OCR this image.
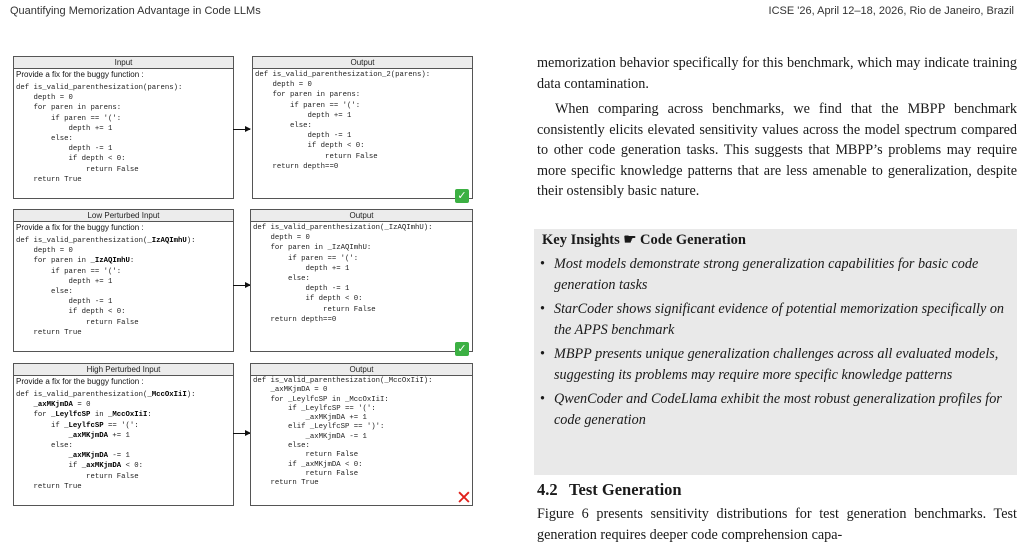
Quantifying Memorization Advantage in Code LLMs	ICSE '26, April 12–18, 2026, Rio de Janeiro, Brazil
Input
Provide a fix for the buggy function :
def is_valid_parenthesization(parens):
depth = 0
for paren in parens:
if paren == '(':
depth += 1
else:
depth -= 1
if depth < 0:
return False
return True
Output
def is_valid_parenthesization_2(parens):
depth = 0
for paren in parens:
if paren == '(':
depth += 1
else:
depth -= 1
if depth < 0:
return False
return depth==0
✓
Low Perturbed Input
Provide a fix for the buggy function :
def is_valid_parenthesization(_IzAQImhU):
depth = 0
for paren in _IzAQImhU:
if paren == '(':
depth += 1
else:
depth -= 1
if depth < 0:
return False
return True
Output
def is_valid_parenthesization(_IzAQImhU):
depth = 0
for paren in _IzAQImhU:
if paren == '(':
depth += 1
else:
depth -= 1
if depth < 0:
return False
return depth==0
✓
High Perturbed Input
Provide a fix for the buggy function :
def is_valid_parenthesization(_MccOxIiI):
_axMKjmDA = 0
for _LeylfcSP in _MccOxIiI:
if _LeylfcSP == '(':
_axMKjmDA += 1
else:
_axMKjmDA -= 1
if _axMKjmDA < 0:
return False
return True
Output
def is_valid_parenthesization(_MccOxIiI):
_axMKjmDA = 0
for _LeylfcSP in _MccOxIiI:
if _LeylfcSP == '(':
_axMKjmDA += 1
elif _LeylfcSP == ')':
_axMKjmDA -= 1
else:
return False
if _axMKjmDA < 0:
return False
return True
✕

memorization behavior specifically for this benchmark, which may indicate training data contamination.

When comparing across benchmarks, we find that the MBPP benchmark consistently elicits elevated sensitivity values across the model spectrum compared to other code generation tasks. This suggests that MBPP’s problems may require more specific knowledge patterns that are less amenable to generalization, despite their ostensibly basic nature.

Key Insights ☛ Code Generation
• Most models demonstrate strong generalization capabilities for basic code generation tasks
• StarCoder shows significant evidence of potential memorization specifically on the APPS benchmark
• MBPP presents unique generalization challenges across all evaluated models, suggesting its problems may require more specific knowledge patterns
• QwenCoder and CodeLlama exhibit the most robust generalization profiles for code generation
4.2 Test Generation
Figure 6 presents sensitivity distributions for test generation benchmarks. Test generation requires deeper code comprehension capa-
